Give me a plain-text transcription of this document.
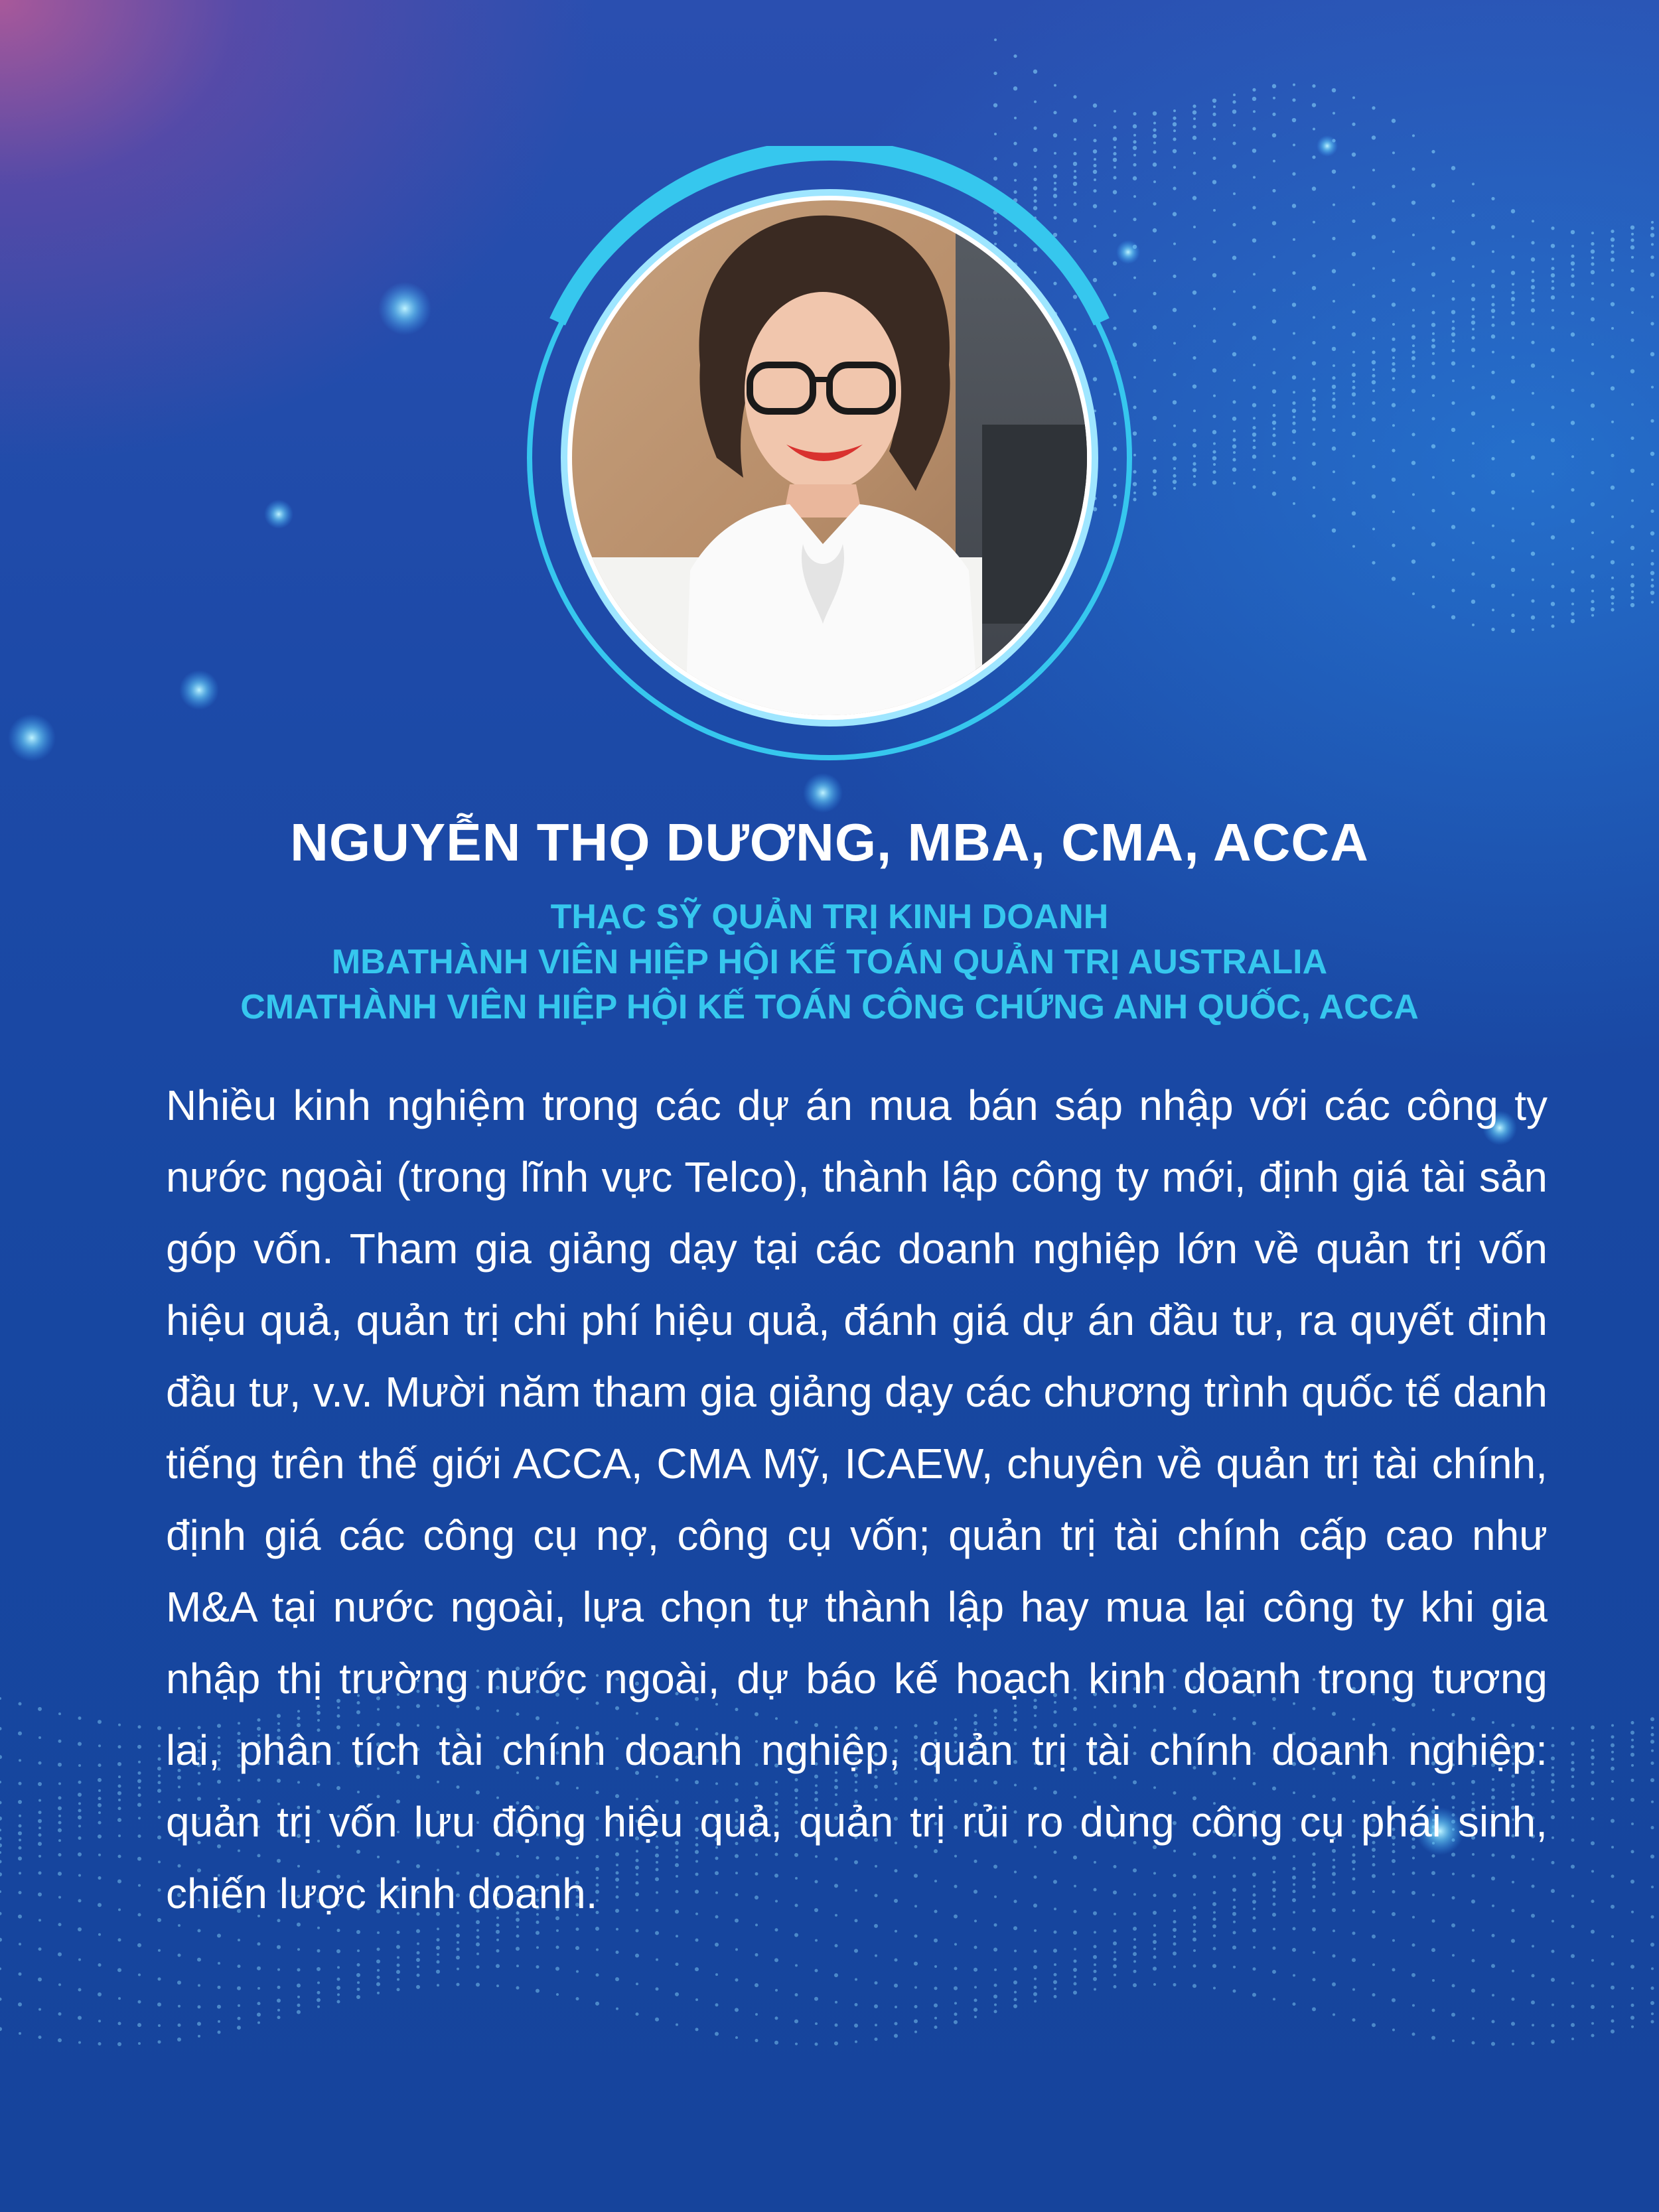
NGUYỄN THỌ DƯƠNG, MBA, CMA, ACCA
THẠC SỸ QUẢN TRỊ KINH DOANH
MBATHÀNH VIÊN HIỆP HỘI KẾ TOÁN QUẢN TRỊ AUSTRALIA
CMATHÀNH VIÊN HIỆP HỘI KẾ TOÁN CÔNG CHỨNG ANH QUỐC, ACCA
Nhiều kinh nghiệm trong các dự án mua bán sáp nhập với các công ty nước ngoài (trong lĩnh vực Telco), thành lập công ty mới, định giá tài sản góp vốn. Tham gia giảng dạy tại các doanh nghiệp lớn về quản trị vốn hiệu quả, quản trị chi phí hiệu quả, đánh giá dự án đầu tư, ra quyết định đầu tư, v.v. Mười năm tham gia giảng dạy các chương trình quốc tế danh tiếng trên thế giới ACCA, CMA Mỹ, ICAEW, chuyên về quản trị tài chính, định giá các công cụ nợ, công cụ vốn; quản trị tài chính cấp cao như M&A tại nước ngoài, lựa chọn tự thành lập hay mua lại công ty khi gia nhập thị trường nước ngoài, dự báo kế hoạch kinh doanh trong tương lai, phân tích tài chính doanh nghiệp, quản trị tài chính doanh nghiệp: quản trị vốn lưu động hiệu quả, quản trị rủi ro dùng công cụ phái sinh, chiến lược kinh doanh.
